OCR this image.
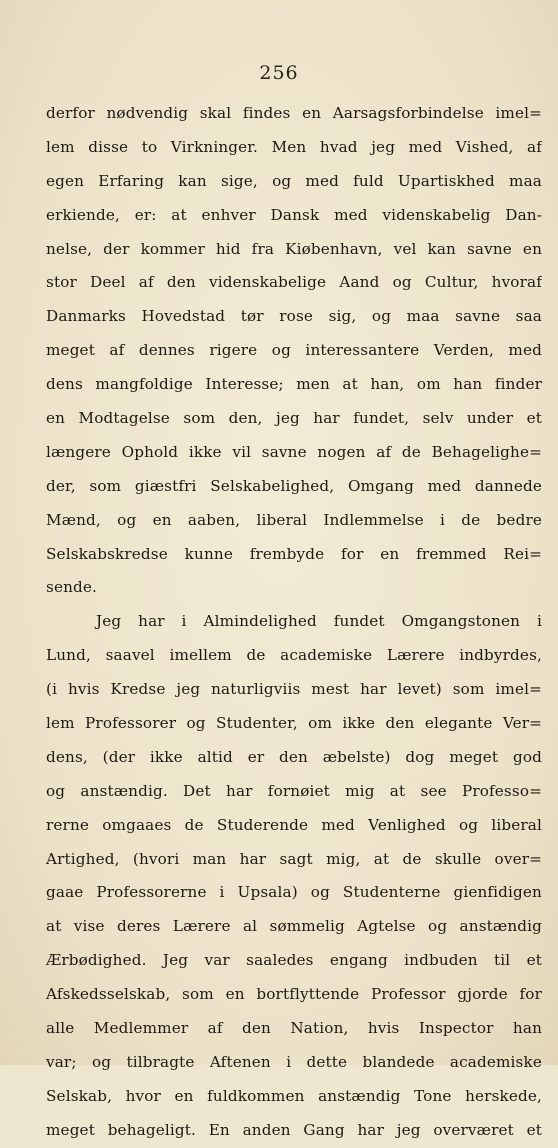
256
derfor nødvendig skal findes en Aarsagsforbindelse imel=
lem disse to Virkninger. Men hvad jeg med Vished, af
egen Erfaring kan sige, og med fuld Upartiskhed maa
erkiende, er: at enhver Dansk med videnskabelig Dan-
nelse, der kommer hid fra Kiøbenhavn, vel kan savne en
stor Deel af den videnskabelige Aand og Cultur, hvoraf
Danmarks Hovedstad tør rose sig, og maa savne saa
meget af dennes rigere og interessantere Verden, med
dens mangfoldige Interesse; men at han, om han finder
en Modtagelse som den, jeg har fundet, selv under et
længere Ophold ikke vil savne nogen af de Behagelighe=
der, som giæstfri Selskabelighed, Omgang med dannede
Mænd, og en aaben, liberal Indlemmelse i de bedre
Selskabskredse kunne frembyde for en fremmed Rei=
sende.
Jeg har i Almindelighed fundet Omgangstonen i
Lund, saavel imellem de academiske Lærere indbyrdes,
(i hvis Kredse jeg naturligviis mest har levet) som imel=
lem Professorer og Studenter, om ikke den elegante Ver=
dens, (der ikke altid er den æbelste) dog meget god
og anstændig. Det har fornøiet mig at see Professo=
rerne omgaaes de Studerende med Venlighed og liberal
Artighed, (hvori man har sagt mig, at de skulle over=
gaae Professorerne i Upsala) og Studenterne gienfidigen
at vise deres Lærere al sømmelig Agtelse og anstændig
Ærbødighed. Jeg var saaledes engang indbuden til et
Afskedsselskab, som en bortflyttende Professor gjorde for
alle Medlemmer af den Nation, hvis Inspector han
var; og tilbragte Aftenen i dette blandede academiske
Selskab, hvor en fuldkommen anstændig Tone herskede,
meget behageligt. En anden Gang har jeg overværet et
